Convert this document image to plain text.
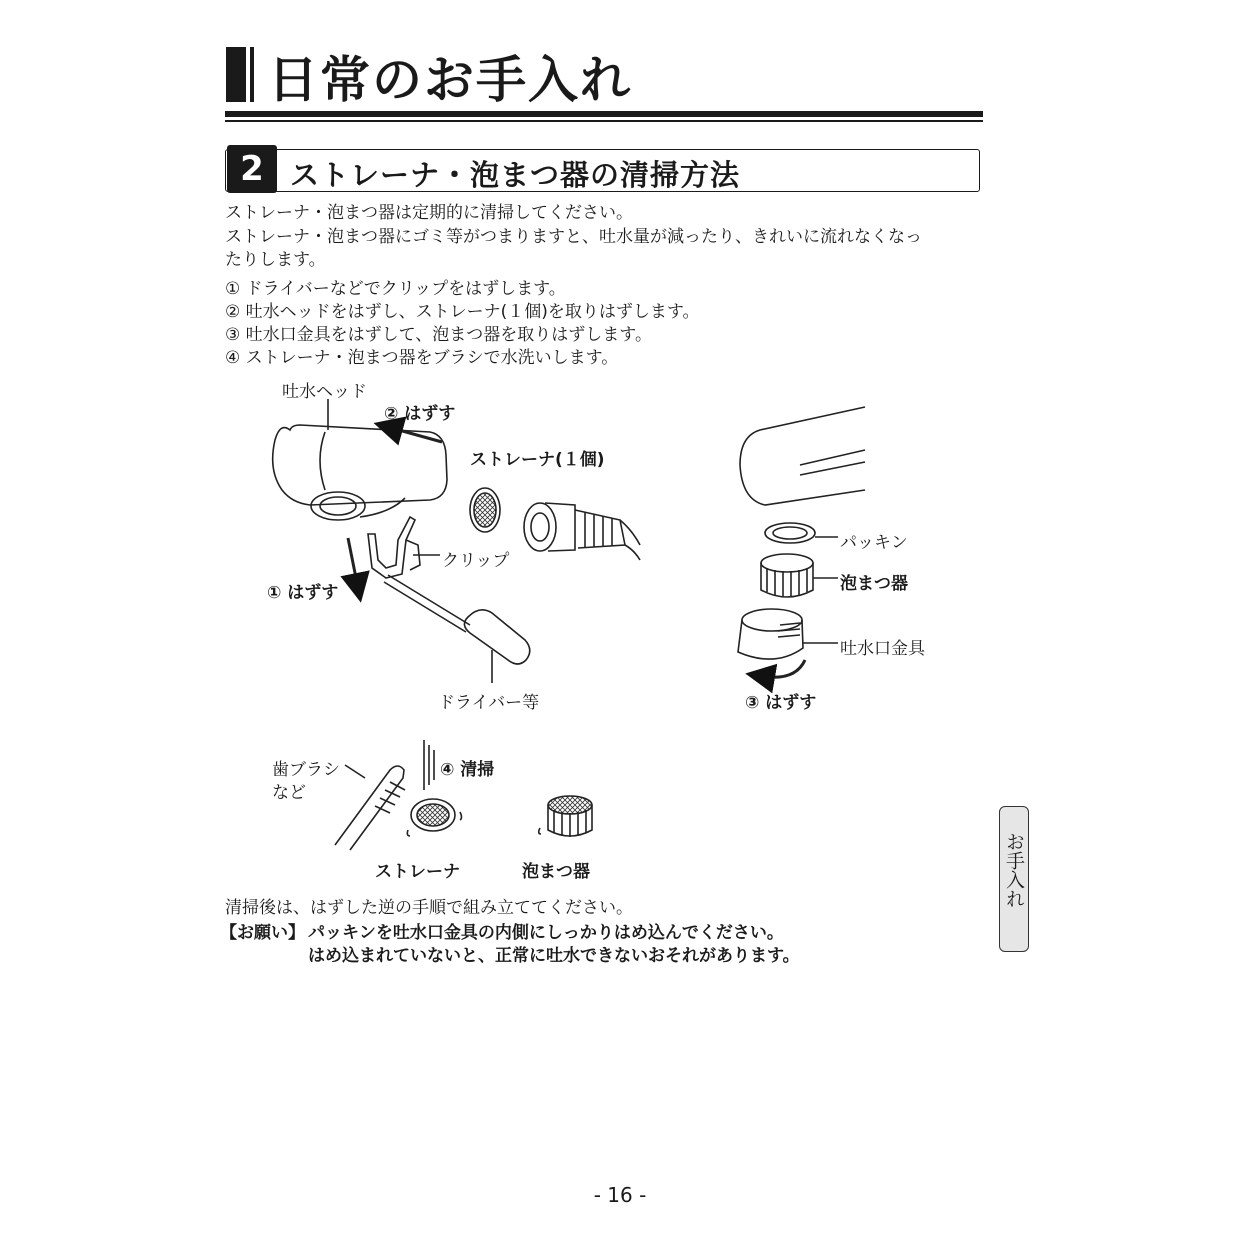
日常のお手入れ
2 ストレーナ・泡まつ器の清掃方法
ストレーナ・泡まつ器は定期的に清掃してください。
ストレーナ・泡まつ器にゴミ等がつまりますと、吐水量が減ったり、きれいに流れなくなっ
たりします。
① ドライバーなどでクリップをはずします。
② 吐水ヘッドをはずし、ストレーナ(１個)を取りはずします。
③ 吐水口金具をはずして、泡まつ器を取りはずします。
④ ストレーナ・泡まつ器をブラシで水洗いします。
吐水ヘッド
② はずす
ストレーナ(１個)
クリップ
① はずす
ドライバー等
パッキン
泡まつ器
吐水口金具
③ はずす
歯ブラシ
など
④ 清掃
ストレーナ	泡まつ器
清掃後は、はずした逆の手順で組み立ててください。
【お願い】 パッキンを吐水口金具の内側にしっかりはめ込んでください。
はめ込まれていないと、正常に吐水できないおそれがあります。
お手入れ
- 16 -
